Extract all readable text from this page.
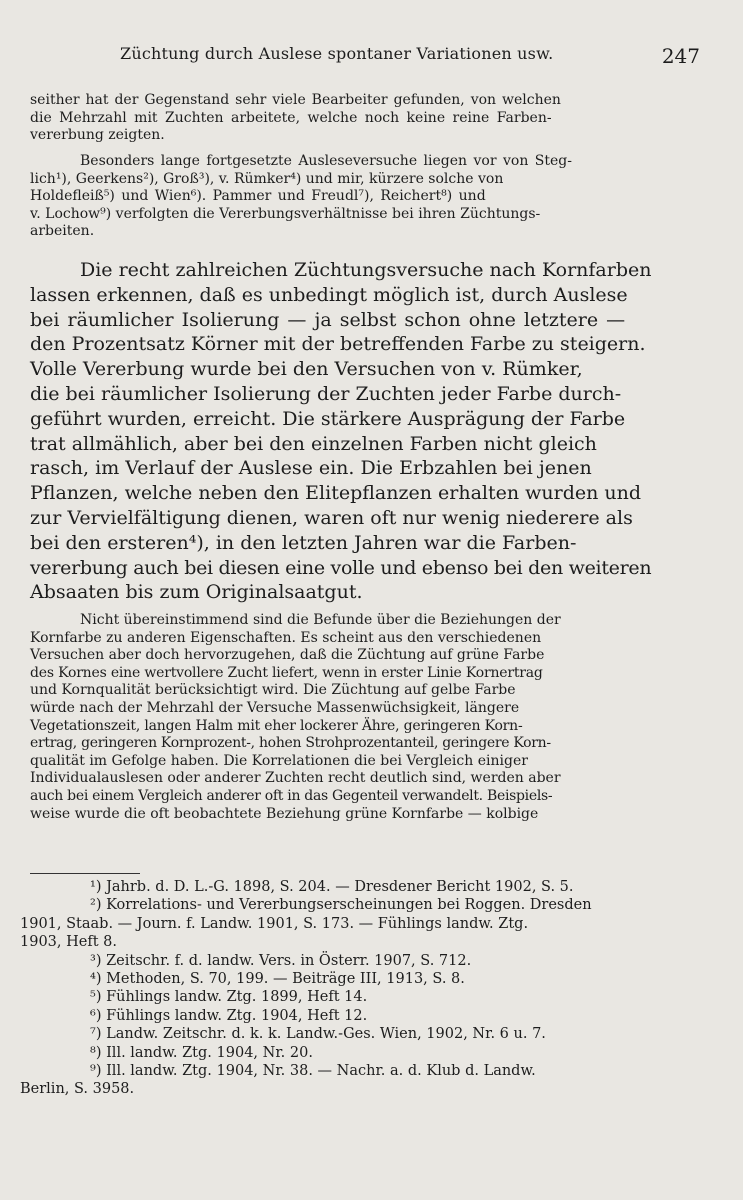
Züchtung durch Auslese spontaner Variationen usw.	247
seither hat der Gegenstand sehr viele Bearbeiter gefunden, von welchen
die Mehrzahl mit Zuchten arbeitete, welche noch keine reine Farben-
vererbung zeigten.
Besonders lange fortgesetzte Ausleseversuche liegen vor von Steg-
lich¹), Geerkens²), Groß³), v. Rümker⁴) und mir, kürzere solche von
Holdefleiß⁵) und Wien⁶). Pammer und Freudl⁷), Reichert⁸) und
v. Lochow⁹) verfolgten die Vererbungsverhältnisse bei ihren Züchtungs-
arbeiten.
Die recht zahlreichen Züchtungsversuche nach Kornfarben
lassen erkennen, daß es unbedingt möglich ist, durch Auslese
bei räumlicher Isolierung — ja selbst schon ohne letztere —
den Prozentsatz Körner mit der betreffenden Farbe zu steigern.
Volle Vererbung wurde bei den Versuchen von v. Rümker,
die bei räumlicher Isolierung der Zuchten jeder Farbe durch-
geführt wurden, erreicht. Die stärkere Ausprägung der Farbe
trat allmählich, aber bei den einzelnen Farben nicht gleich
rasch, im Verlauf der Auslese ein. Die Erbzahlen bei jenen
Pflanzen, welche neben den Elitepflanzen erhalten wurden und
zur Vervielfältigung dienen, waren oft nur wenig niederere als
bei den ersteren⁴), in den letzten Jahren war die Farben-
vererbung auch bei diesen eine volle und ebenso bei den weiteren
Absaaten bis zum Originalsaatgut.
Nicht übereinstimmend sind die Befunde über die Beziehungen der
Kornfarbe zu anderen Eigenschaften. Es scheint aus den verschiedenen
Versuchen aber doch hervorzugehen, daß die Züchtung auf grüne Farbe
des Kornes eine wertvollere Zucht liefert, wenn in erster Linie Kornertrag
und Kornqualität berücksichtigt wird. Die Züchtung auf gelbe Farbe
würde nach der Mehrzahl der Versuche Massenwüchsigkeit, längere
Vegetationszeit, langen Halm mit eher lockerer Ähre, geringeren Korn-
ertrag, geringeren Kornprozent-, hohen Strohprozentanteil, geringere Korn-
qualität im Gefolge haben. Die Korrelationen die bei Vergleich einiger
Individualauslesen oder anderer Zuchten recht deutlich sind, werden aber
auch bei einem Vergleich anderer oft in das Gegenteil verwandelt. Beispiels-
weise wurde die oft beobachtete Beziehung grüne Kornfarbe — kolbige
¹) Jahrb. d. D. L.-G. 1898, S. 204. — Dresdener Bericht 1902, S. 5.
²) Korrelations- und Vererbungserscheinungen bei Roggen. Dresden
1901, Staab. — Journ. f. Landw. 1901, S. 173. — Fühlings landw. Ztg.
1903, Heft 8.
³) Zeitschr. f. d. landw. Vers. in Österr. 1907, S. 712.
⁴) Methoden, S. 70, 199. — Beiträge III, 1913, S. 8.
⁵) Fühlings landw. Ztg. 1899, Heft 14.
⁶) Fühlings landw. Ztg. 1904, Heft 12.
⁷) Landw. Zeitschr. d. k. k. Landw.-Ges. Wien, 1902, Nr. 6 u. 7.
⁸) Ill. landw. Ztg. 1904, Nr. 20.
⁹) Ill. landw. Ztg. 1904, Nr. 38. — Nachr. a. d. Klub d. Landw.
Berlin, S. 3958.
